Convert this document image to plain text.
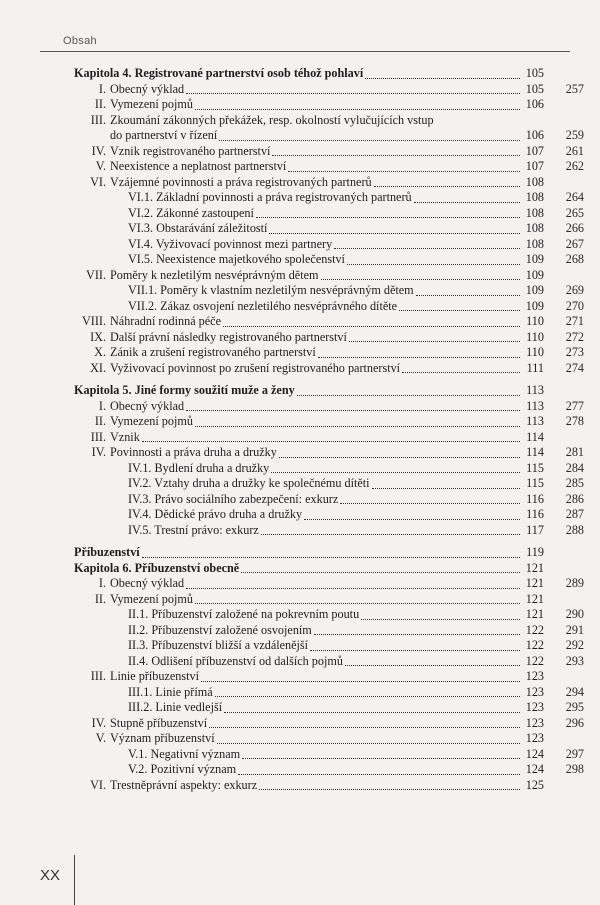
Obsah
Kapitola 4. Registrované partnerství osob téhož pohlaví	105
I. Obecný výklad	105	257
II. Vymezení pojmů	106
III. Zkoumání zákonných překážek, resp. okolností vylučujících vstup
do partnerství v řízení	106	259
IV. Vznik registrovaného partnerství	107	261
V. Neexistence a neplatnost partnerství	107	262
VI. Vzájemné povinnosti a práva registrovaných partnerů	108
VI.1. Základní povinnosti a práva registrovaných partnerů	108	264
VI.2. Zákonné zastoupení	108	265
VI.3. Obstarávání záležitostí	108	266
VI.4. Vyživovací povinnost mezi partnery	108	267
VI.5. Neexistence majetkového společenství	109	268
VII. Poměry k nezletilým nesvéprávným dětem	109
VII.1. Poměry k vlastním nezletilým nesvéprávným dětem	109	269
VII.2. Zákaz osvojení nezletilého nesvéprávného dítěte	109	270
VIII. Náhradní rodinná péče	110	271
IX. Další právní následky registrovaného partnerství	110	272
X. Zánik a zrušení registrovaného partnerství	110	273
XI. Vyživovací povinnost po zrušení registrovaného partnerství	111	274
Kapitola 5. Jiné formy soužití muže a ženy	113
I. Obecný výklad	113	277
II. Vymezení pojmů	113	278
III. Vznik	114
IV. Povinnosti a práva druha a družky	114	281
IV.1. Bydlení druha a družky	115	284
IV.2. Vztahy druha a družky ke společnému dítěti	115	285
IV.3. Právo sociálního zabezpečení: exkurz	116	286
IV.4. Dědické právo druha a družky	116	287
IV.5. Trestní právo: exkurz	117	288
Příbuzenství	119
Kapitola 6. Příbuzenství obecně	121
I. Obecný výklad	121	289
II. Vymezení pojmů	121
II.1. Příbuzenství založené na pokrevním poutu	121	290
II.2. Příbuzenství založené osvojením	122	291
II.3. Příbuzenství bližší a vzdálenější	122	292
II.4. Odlišení příbuzenství od dalších pojmů	122	293
III. Linie příbuzenství	123
III.1. Linie přímá	123	294
III.2. Linie vedlejší	123	295
IV. Stupně příbuzenství	123	296
V. Význam příbuzenství	123
V.1. Negativní význam	124	297
V.2. Pozitivní význam	124	298
VI. Trestněprávní aspekty: exkurz	125
XX
